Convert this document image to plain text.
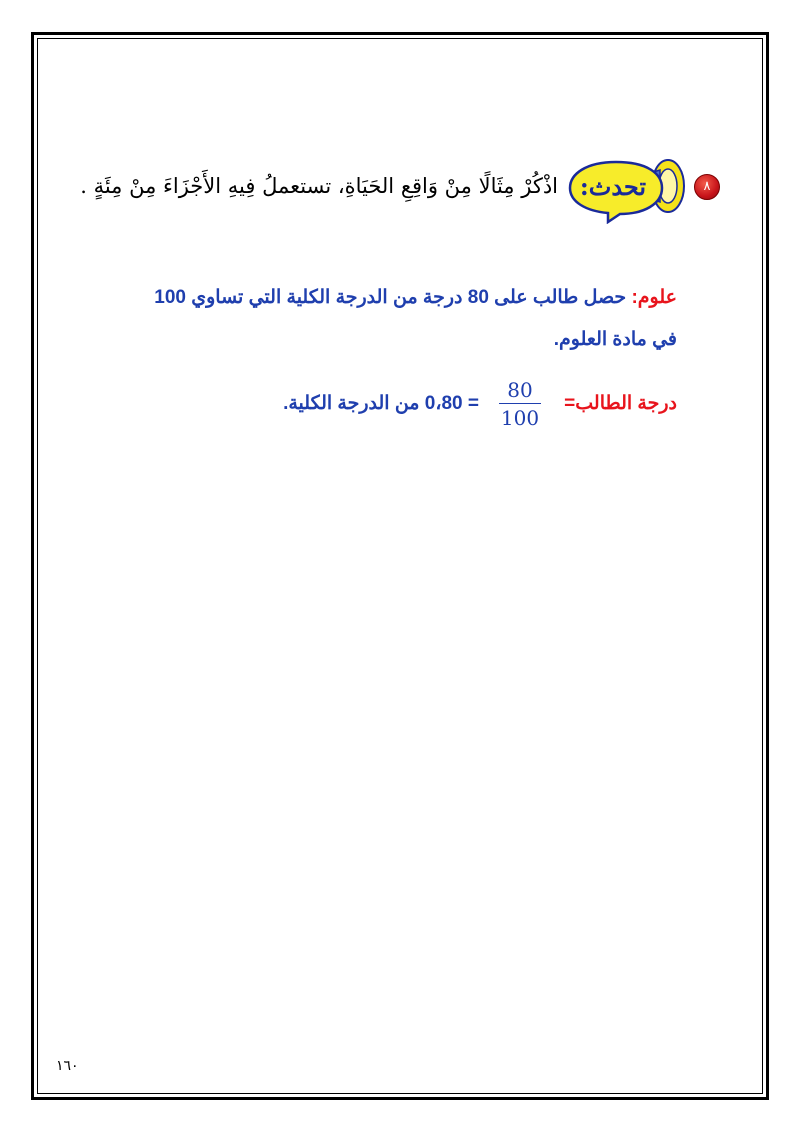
٨
تحدث:
اذْكُرْ مِثَالًا مِنْ وَاقِعِ الحَيَاةِ، تستعملُ فِيهِ الأَجْزَاءَ مِنْ مِئَةٍ .
علوم: حصل طالب على 80 درجة من الدرجة الكلية التي تساوي 100
في مادة العلوم.
درجة الطالب=
80
100
= 0،80 من الدرجة الكلية.
١٦٠
